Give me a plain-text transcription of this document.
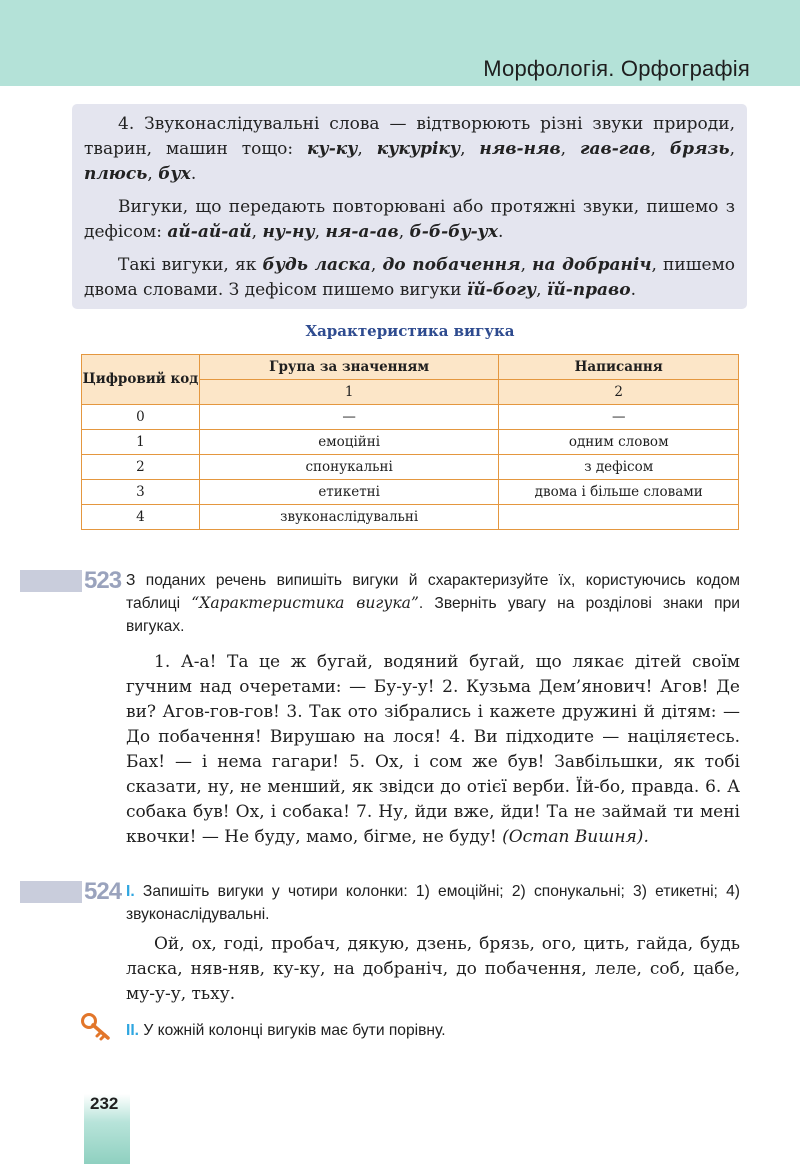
Морфологія. Орфографія

4. Звуконаслідувальні слова — відтворюють різні звуки природи, тварин, машин тощо: ку-ку, кукуріку, няв-няв, гав-гав, брязь, плюсь, бух.

Вигуки, що передають повторювані або протяжні звуки, пишемо з дефісом: ай-ай-ай, ну-ну, ня-а-ав, б-б-бу-ух.

Такі вигуки, як будь ласка, до побачення, на добраніч, пишемо двома словами. З дефісом пишемо вигуки їй-богу, їй-право.

Характеристика вигука
Цифровий код	Група за значенням	Написання
	1	2
0	—	—
1	емоційні	одним словом
2	спонукальні	з дефісом
3	етикетні	двома і більше словами
4	звуконаслідувальні	
523 З поданих речень випишіть вигуки й схарактеризуйте їх, користуючись кодом таблиці “Характеристика вигука”. Зверніть увагу на розділові знаки при вигуках.
1. А-а! Та це ж бугай, водяний бугай, що лякає дітей своїм гучним над очеретами: — Бу-у-у! 2. Кузьма Дем’янович! Агов! Де ви? Агов-гов-гов! 3. Так ото зібрались і кажете дружині й дітям: — До побачення! Вирушаю на лося! 4. Ви підходите — націляєтесь. Бах! — і нема гагари! 5. Ох, і сом же був! Завбільшки, як тобі сказати, ну, не менший, як звідси до отієї верби. Їй-бо, правда. 6. А собака був! Ох, і собака! 7. Ну, йди вже, йди! Та не займай ти мені квочки! — Не буду, мамо, бігме, не буду! (Остап Вишня).
524 I. Запишіть вигуки у чотири колонки: 1) емоційні; 2) спонукальні; 3) етикетні; 4) звуконаслідувальні.
Ой, ох, годі, пробач, дякую, дзень, брязь, ого, цить, гайда, будь ласка, няв-няв, ку-ку, на добраніч, до побачення, леле, соб, цабе, му-у-у, тьху.
II. У кожній колонці вигуків має бути порівну.
232
